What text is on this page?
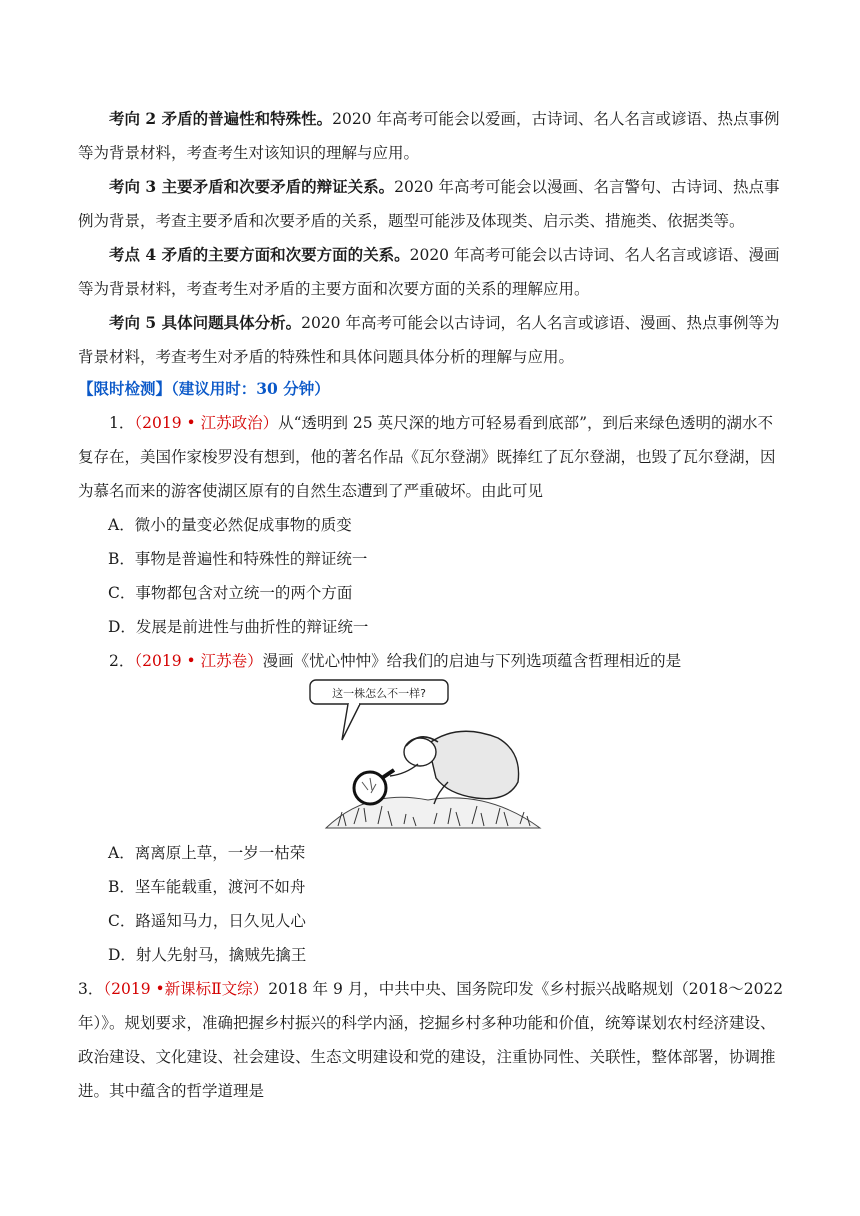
考向 2 矛盾的普遍性和特殊性。2020 年高考可能会以爱画，古诗词、名人名言或谚语、热点事例等为背景材料，考查考生对该知识的理解与应用。

考向 3 主要矛盾和次要矛盾的辩证关系。2020 年高考可能会以漫画、名言警句、古诗词、热点事例为背景，考查主要矛盾和次要矛盾的关系，题型可能涉及体现类、启示类、措施类、依据类等。

考点 4 矛盾的主要方面和次要方面的关系。2020 年高考可能会以古诗词、名人名言或谚语、漫画等为背景材料，考查考生对矛盾的主要方面和次要方面的关系的理解应用。

考向 5 具体问题具体分析。2020 年高考可能会以古诗词，名人名言或谚语、漫画、热点事例等为背景材料，考查考生对矛盾的特殊性和具体问题具体分析的理解与应用。

【限时检测】（建议用时：30 分钟）

1．（2019 • 江苏政治）从“透明到 25 英尺深的地方可轻易看到底部”，到后来绿色透明的湖水不复存在，美国作家梭罗没有想到，他的著名作品《瓦尔登湖》既捧红了瓦尔登湖，也毁了瓦尔登湖，因为慕名而来的游客使湖区原有的自然生态遭到了严重破坏。由此可见

A．微小的量变必然促成事物的质变

B．事物是普遍性和特殊性的辩证统一

C．事物都包含对立统一的两个方面

D．发展是前进性与曲折性的辩证统一

2．（2019 • 江苏卷）漫画《忧心忡忡》给我们的启迪与下列选项蕴含哲理相近的是

这一株怎么不一样?

A．离离原上草，一岁一枯荣

B．坚车能载重，渡河不如舟

C．路遥知马力，日久见人心

D．射人先射马，擒贼先擒王

3．（2019 •新课标Ⅱ文综）2018 年 9 月，中共中央、国务院印发《乡村振兴战略规划（2018～2022 年）》。规划要求，准确把握乡村振兴的科学内涵，挖掘乡村多种功能和价值，统筹谋划农村经济建设、政治建设、文化建设、社会建设、生态文明建设和党的建设，注重协同性、关联性，整体部署，协调推进。其中蕴含的哲学道理是
